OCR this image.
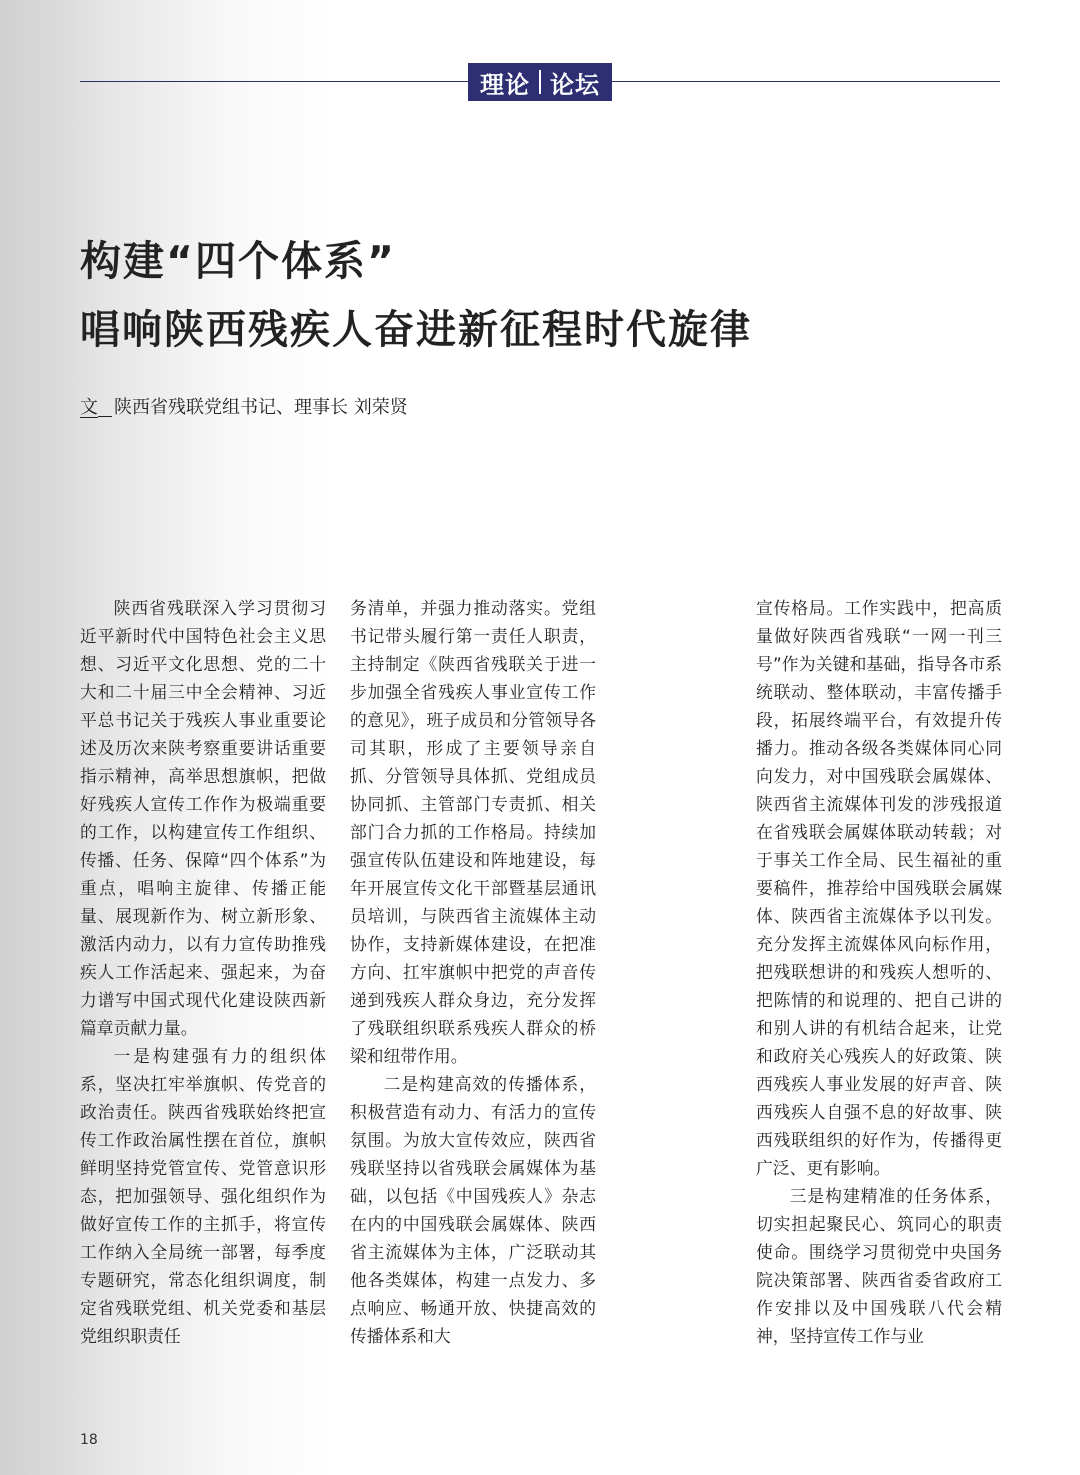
理论 论坛
构建“四个体系”
唱响陕西残疾人奋进新征程时代旋律
文 陕西省残联党组书记、理事长 刘荣贤

陕西省残联深入学习贯彻习近平新时代中国特色社会主义思想、习近平文化思想、党的二十大和二十届三中全会精神、习近平总书记关于残疾人事业重要论述及历次来陕考察重要讲话重要指示精神，高举思想旗帜，把做好残疾人宣传工作作为极端重要的工作，以构建宣传工作组织、传播、任务、保障“四个体系”为重点，唱响主旋律、传播正能量、展现新作为、树立新形象、激活内动力，以有力宣传助推残疾人工作活起来、强起来，为奋力谱写中国式现代化建设陕西新篇章贡献力量。

一是构建强有力的组织体系，坚决扛牢举旗帜、传党音的政治责任。陕西省残联始终把宣传工作政治属性摆在首位，旗帜鲜明坚持党管宣传、党管意识形态，把加强领导、强化组织作为做好宣传工作的主抓手，将宣传工作纳入全局统一部署，每季度专题研究，常态化组织调度，制定省残联党组、机关党委和基层党组织职责任

务清单，并强力推动落实。党组书记带头履行第一责任人职责，主持制定《陕西省残联关于进一步加强全省残疾人事业宣传工作的意见》，班子成员和分管领导各司其职，形成了主要领导亲自抓、分管领导具体抓、党组成员协同抓、主管部门专责抓、相关部门合力抓的工作格局。持续加强宣传队伍建设和阵地建设，每年开展宣传文化干部暨基层通讯员培训，与陕西省主流媒体主动协作，支持新媒体建设，在把准方向、扛牢旗帜中把党的声音传递到残疾人群众身边，充分发挥了残联组织联系残疾人群众的桥梁和纽带作用。

二是构建高效的传播体系，积极营造有动力、有活力的宣传氛围。为放大宣传效应，陕西省残联坚持以省残联会属媒体为基础，以包括《中国残疾人》杂志在内的中国残联会属媒体、陕西省主流媒体为主体，广泛联动其他各类媒体，构建一点发力、多点响应、畅通开放、快捷高效的传播体系和大

宣传格局。工作实践中，把高质量做好陕西省残联“一网一刊三号”作为关键和基础，指导各市系统联动、整体联动，丰富传播手段，拓展终端平台，有效提升传播力。推动各级各类媒体同心同向发力，对中国残联会属媒体、陕西省主流媒体刊发的涉残报道在省残联会属媒体联动转载；对于事关工作全局、民生福祉的重要稿件，推荐给中国残联会属媒体、陕西省主流媒体予以刊发。充分发挥主流媒体风向标作用，把残联想讲的和残疾人想听的、把陈情的和说理的、把自己讲的和别人讲的有机结合起来，让党和政府关心残疾人的好政策、陕西残疾人事业发展的好声音、陕西残疾人自强不息的好故事、陕西残联组织的好作为，传播得更广泛、更有影响。

三是构建精准的任务体系，切实担起聚民心、筑同心的职责使命。围绕学习贯彻党中央国务院决策部署、陕西省委省政府工作安排以及中国残联八代会精神，坚持宣传工作与业

18
